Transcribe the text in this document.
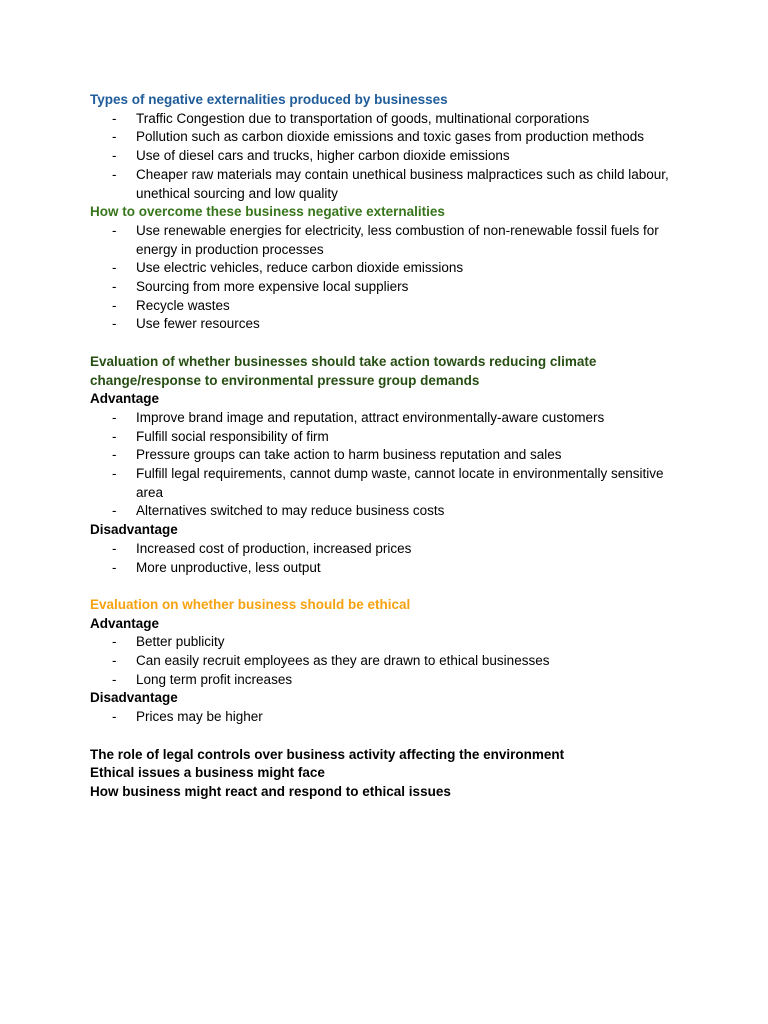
Types of negative externalities produced by businesses
- Traffic Congestion due to transportation of goods, multinational corporations
- Pollution such as carbon dioxide emissions and toxic gases from production methods
- Use of diesel cars and trucks, higher carbon dioxide emissions
- Cheaper raw materials may contain unethical business malpractices such as child labour, unethical sourcing and low quality
How to overcome these business negative externalities
- Use renewable energies for electricity, less combustion of non-renewable fossil fuels for energy in production processes
- Use electric vehicles, reduce carbon dioxide emissions
- Sourcing from more expensive local suppliers
- Recycle wastes
- Use fewer resources
Evaluation of whether businesses should take action towards reducing climate change/response to environmental pressure group demands
Advantage
- Improve brand image and reputation, attract environmentally-aware customers
- Fulfill social responsibility of firm
- Pressure groups can take action to harm business reputation and sales
- Fulfill legal requirements, cannot dump waste, cannot locate in environmentally sensitive area
- Alternatives switched to may reduce business costs
Disadvantage
- Increased cost of production, increased prices
- More unproductive, less output
Evaluation on whether business should be ethical
Advantage
- Better publicity
- Can easily recruit employees as they are drawn to ethical businesses
- Long term profit increases
Disadvantage
- Prices may be higher
The role of legal controls over business activity affecting the environment
Ethical issues a business might face
How business might react and respond to ethical issues
